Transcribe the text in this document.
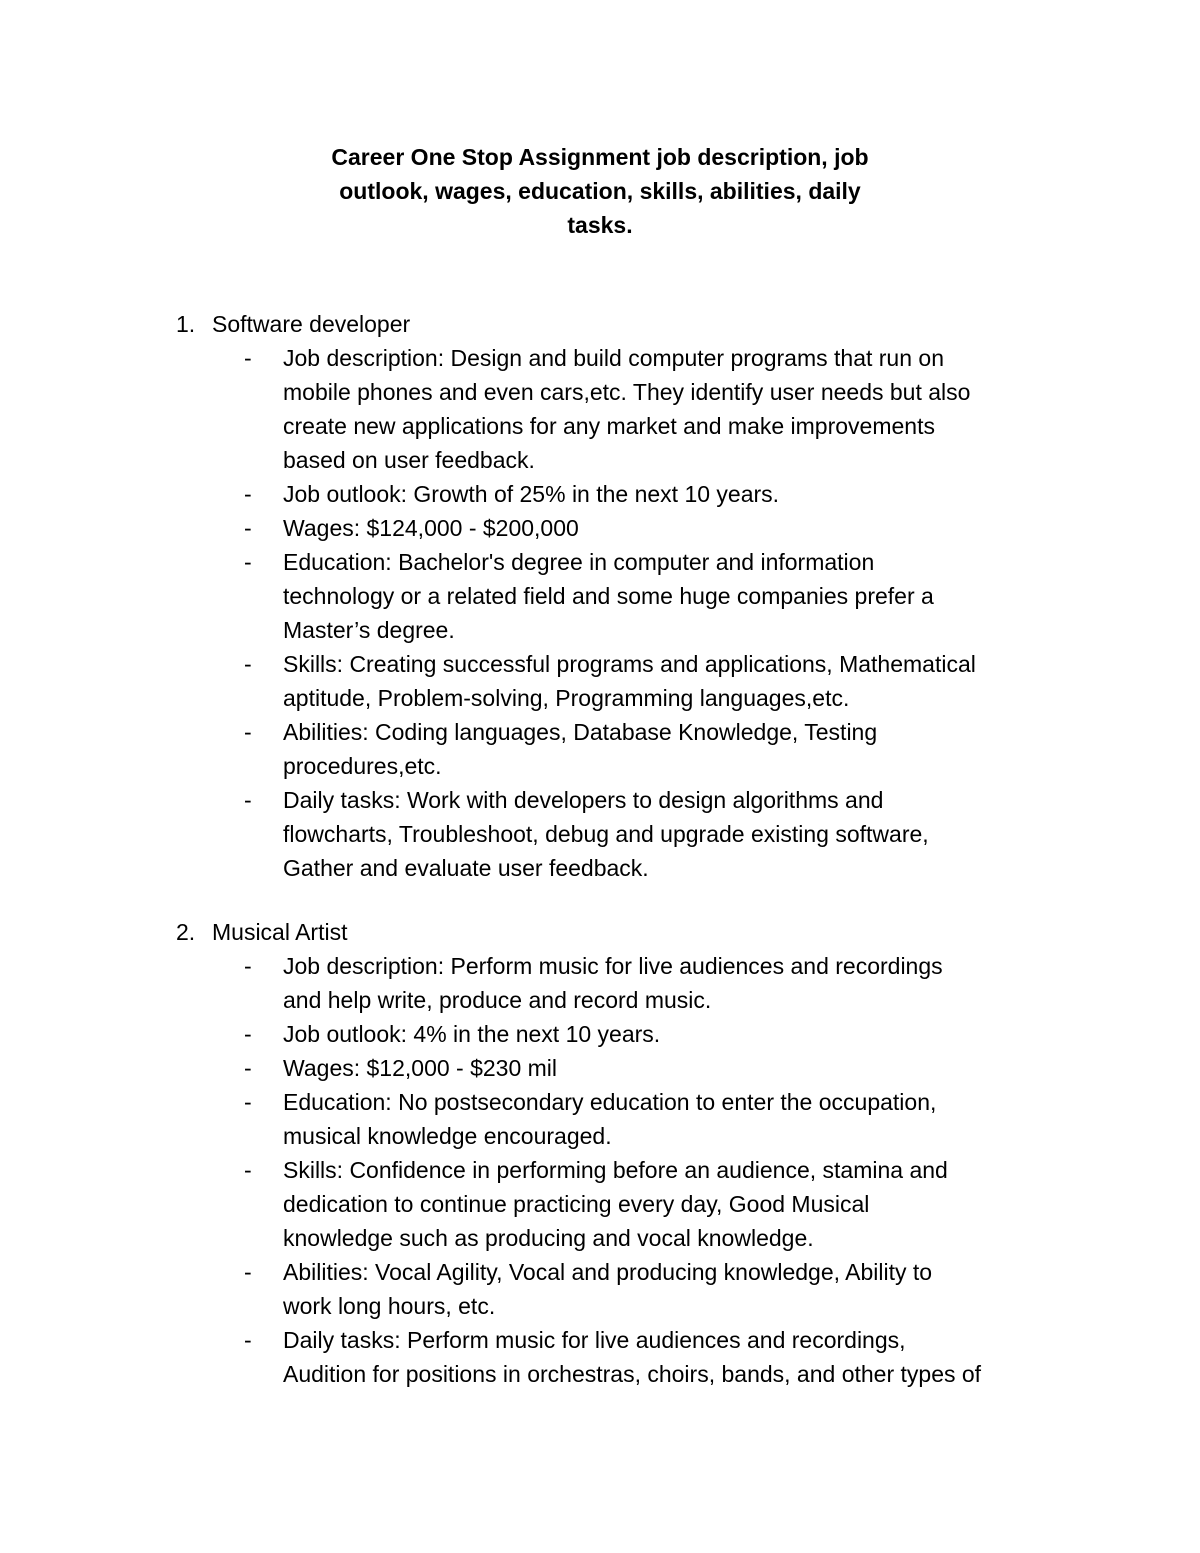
Career One Stop Assignment job description, job
outlook, wages, education, skills, abilities, daily
tasks.
1. Software developer
-	Job description: Design and build computer programs that run on
mobile phones and even cars,etc. They identify user needs but also
create new applications for any market and make improvements
based on user feedback.
-	Job outlook: Growth of 25% in the next 10 years.
-	Wages: $124,000 - $200,000
-	Education: Bachelor's degree in computer and information
technology or a related field and some huge companies prefer a
Master’s degree.
-	Skills: Creating successful programs and applications, Mathematical
aptitude, Problem-solving, Programming languages,etc.
-	Abilities: Coding languages, Database Knowledge, Testing
procedures,etc.
-	Daily tasks: Work with developers to design algorithms and
flowcharts, Troubleshoot, debug and upgrade existing software,
Gather and evaluate user feedback.
2. Musical Artist
-	Job description: Perform music for live audiences and recordings
and help write, produce and record music.
-	Job outlook: 4% in the next 10 years.
-	Wages: $12,000 - $230 mil
-	Education: No postsecondary education to enter the occupation,
musical knowledge encouraged.
-	Skills: Confidence in performing before an audience, stamina and
dedication to continue practicing every day, Good Musical
knowledge such as producing and vocal knowledge.
-	Abilities: Vocal Agility, Vocal and producing knowledge, Ability to
work long hours, etc.
-	Daily tasks: Perform music for live audiences and recordings,
Audition for positions in orchestras, choirs, bands, and other types of
